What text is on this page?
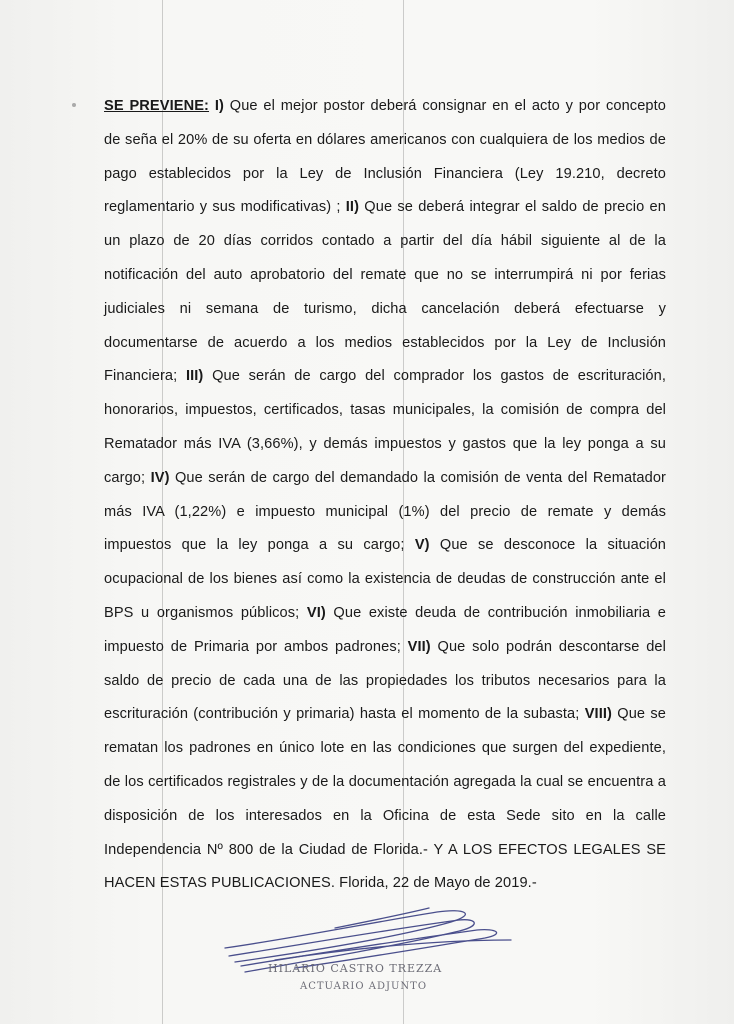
SE PREVIENE: I) Que el mejor postor deberá consignar en el acto y por concepto
de seña el 20% de su oferta en dólares americanos con cualquiera de los medios de
pago establecidos por la Ley de Inclusión Financiera (Ley 19.210, decreto
reglamentario y sus modificativas) ; II) Que se deberá integrar el saldo de precio en
un plazo de 20 días corridos contado a partir del día hábil siguiente al de la
notificación del auto aprobatorio del remate que no se interrumpirá ni por ferias
judiciales ni semana de turismo, dicha cancelación deberá efectuarse y
documentarse de acuerdo a los medios establecidos por la Ley de Inclusión
Financiera; III) Que serán de cargo del comprador los gastos de escrituración,
honorarios, impuestos, certificados, tasas municipales, la comisión de compra del
Rematador más IVA (3,66%), y demás impuestos y gastos que la ley ponga a su
cargo; IV) Que serán de cargo del demandado la comisión de venta del Rematador
más IVA (1,22%) e impuesto municipal (1%) del precio de remate y demás
impuestos que la ley ponga a su cargo; V) Que se desconoce la situación
ocupacional de los bienes así como la existencia de deudas de construcción ante el
BPS u organismos públicos; VI) Que existe deuda de contribución inmobiliaria e
impuesto de Primaria por ambos padrones; VII) Que solo podrán descontarse del
saldo de precio de cada una de las propiedades los tributos necesarios para la
escrituración (contribución y primaria) hasta el momento de la subasta; VIII) Que se
rematan los padrones en único lote en las condiciones que surgen del expediente,
de los certificados registrales y de la documentación agregada la cual se encuentra a
disposición de los interesados en la Oficina de esta Sede sito en la calle
Independencia Nº 800 de la Ciudad de Florida.- Y A LOS EFECTOS LEGALES SE
HACEN ESTAS PUBLICACIONES. Florida, 22 de Mayo de 2019.-
HILARIO CASTRO TREZZA
ACTUARIO ADJUNTO
